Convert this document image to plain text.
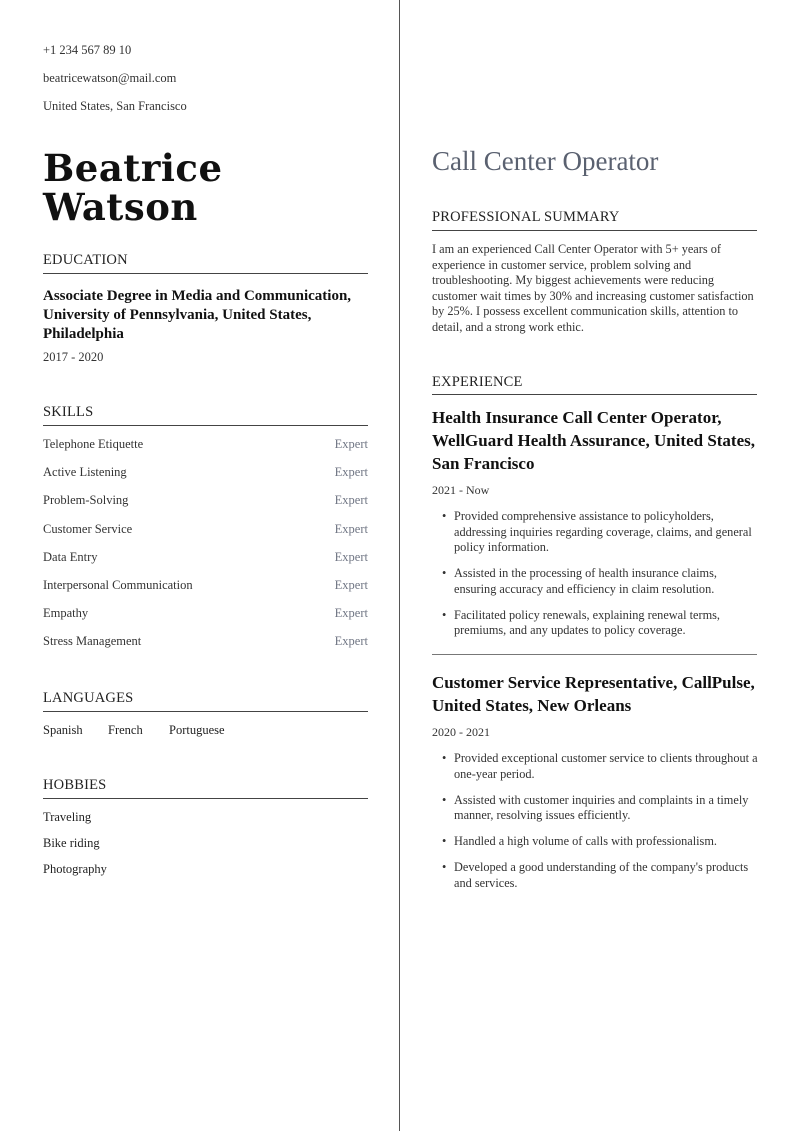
+1 234 567 89 10
beatricewatson@mail.com
United States, San Francisco
Beatrice
Watson
EDUCATION
Associate Degree in Media and Communication, University of Pennsylvania, United States, Philadelphia
2017 - 2020
SKILLS
Telephone Etiquette	Expert
Active Listening	Expert
Problem-Solving	Expert
Customer Service	Expert
Data Entry	Expert
Interpersonal Communication	Expert
Empathy	Expert
Stress Management	Expert
LANGUAGES
Spanish French Portuguese
HOBBIES
Traveling
Bike riding
Photography
Call Center Operator
PROFESSIONAL SUMMARY
I am an experienced Call Center Operator with 5+ years of experience in customer service, problem solving and troubleshooting. My biggest achievements were reducing customer wait times by 30% and increasing customer satisfaction by 25%. I possess excellent communication skills, attention to detail, and a strong work ethic.
EXPERIENCE
Health Insurance Call Center Operator, WellGuard Health Assurance, United States, San Francisco
2021 - Now
• Provided comprehensive assistance to policyholders, addressing inquiries regarding coverage, claims, and general policy information.
• Assisted in the processing of health insurance claims, ensuring accuracy and efficiency in claim resolution.
• Facilitated policy renewals, explaining renewal terms, premiums, and any updates to policy coverage.
Customer Service Representative, CallPulse, United States, New Orleans
2020 - 2021
• Provided exceptional customer service to clients throughout a one-year period.
• Assisted with customer inquiries and complaints in a timely manner, resolving issues efficiently.
• Handled a high volume of calls with professionalism.
• Developed a good understanding of the company's products and services.
